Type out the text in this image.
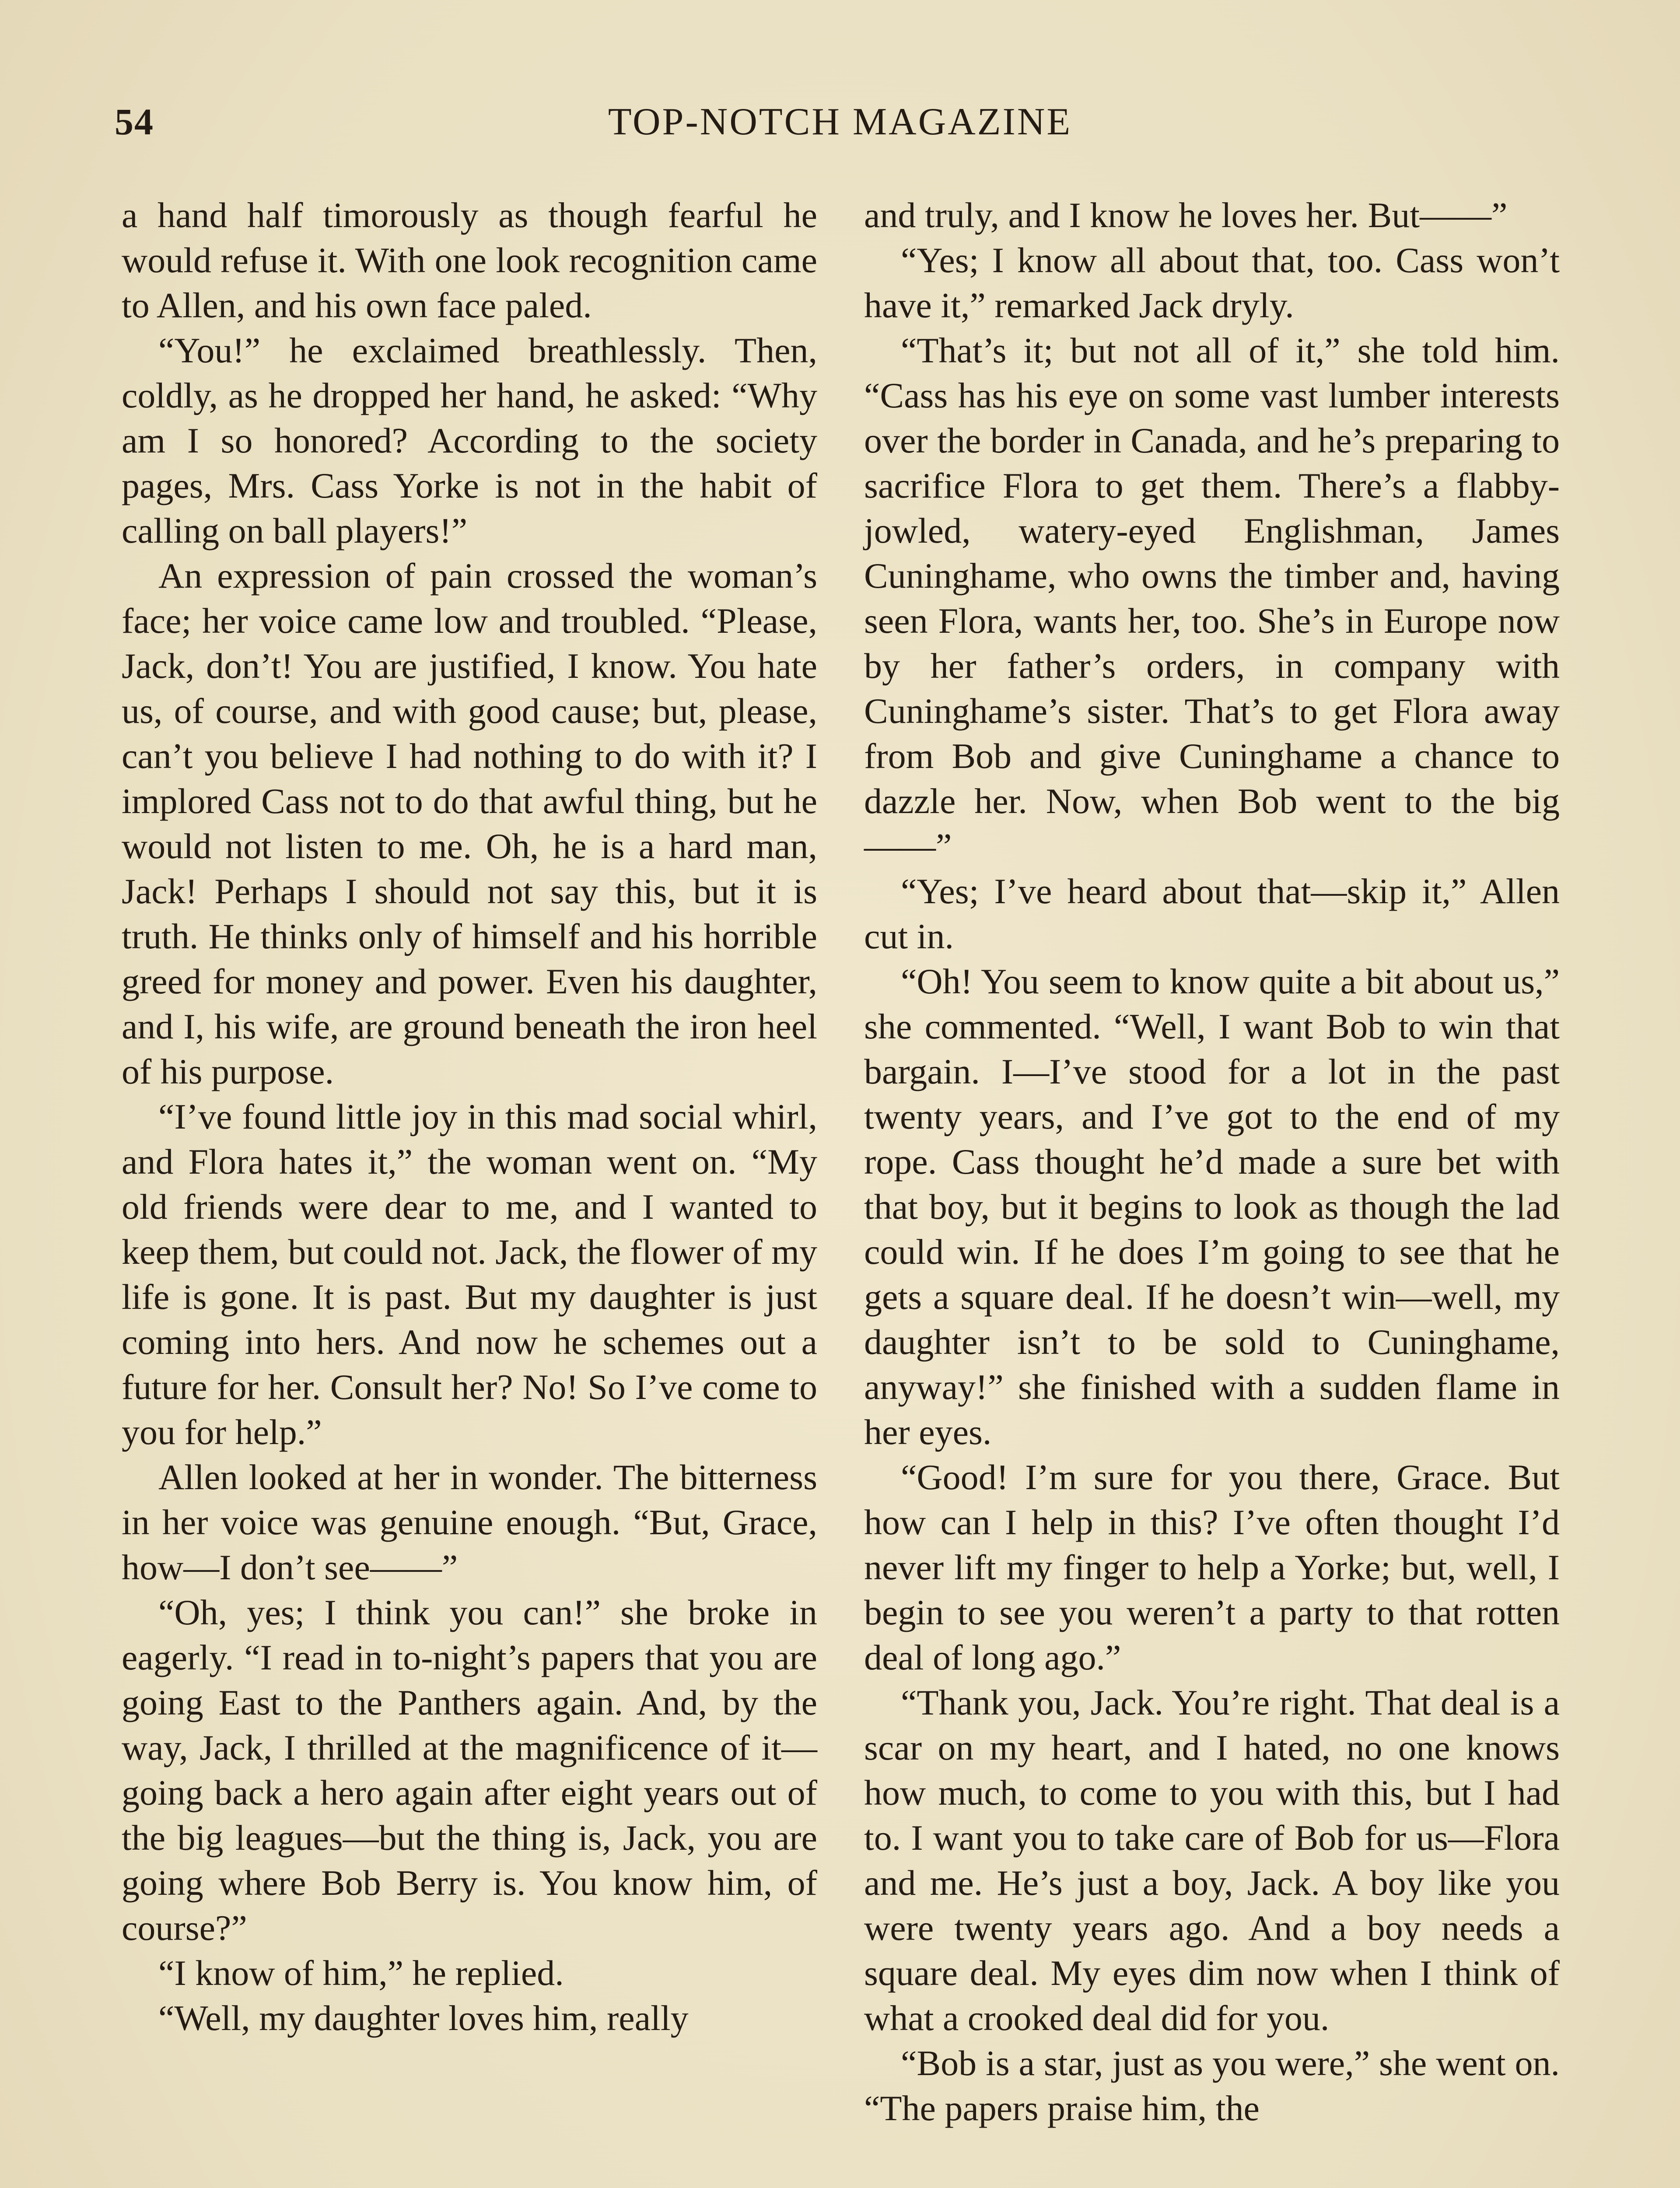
54	TOP-NOTCH MAGAZINE

a hand half timorously as though fearful he would refuse it. With one look recognition came to Allen, and his own face paled.

“You!” he exclaimed breathlessly. Then, coldly, as he dropped her hand, he asked: “Why am I so honored? According to the society pages, Mrs. Cass Yorke is not in the habit of calling on ball players!”

An expression of pain crossed the woman’s face; her voice came low and troubled. “Please, Jack, don’t! You are justified, I know. You hate us, of course, and with good cause; but, please, can’t you believe I had nothing to do with it? I implored Cass not to do that awful thing, but he would not listen to me. Oh, he is a hard man, Jack! Perhaps I should not say this, but it is truth. He thinks only of himself and his horrible greed for money and power. Even his daughter, and I, his wife, are ground beneath the iron heel of his purpose.

“I’ve found little joy in this mad social whirl, and Flora hates it,” the woman went on. “My old friends were dear to me, and I wanted to keep them, but could not. Jack, the flower of my life is gone. It is past. But my daughter is just coming into hers. And now he schemes out a future for her. Consult her? No! So I’ve come to you for help.”

Allen looked at her in wonder. The bitterness in her voice was genuine enough. “But, Grace, how—I don’t see——”

“Oh, yes; I think you can!” she broke in eagerly. “I read in to-night’s papers that you are going East to the Panthers again. And, by the way, Jack, I thrilled at the magnificence of it—going back a hero again after eight years out of the big leagues—but the thing is, Jack, you are going where Bob Berry is. You know him, of course?”

“I know of him,” he replied.

“Well, my daughter loves him, really

and truly, and I know he loves her. But——”

“Yes; I know all about that, too. Cass won’t have it,” remarked Jack dryly.

“That’s it; but not all of it,” she told him. “Cass has his eye on some vast lumber interests over the border in Canada, and he’s preparing to sacrifice Flora to get them. There’s a flabby-jowled, watery-eyed Englishman, James Cuninghame, who owns the timber and, having seen Flora, wants her, too. She’s in Europe now by her father’s orders, in company with Cuninghame’s sister. That’s to get Flora away from Bob and give Cuninghame a chance to dazzle her. Now, when Bob went to the big——”

“Yes; I’ve heard about that—skip it,” Allen cut in.

“Oh! You seem to know quite a bit about us,” she commented. “Well, I want Bob to win that bargain. I—I’ve stood for a lot in the past twenty years, and I’ve got to the end of my rope. Cass thought he’d made a sure bet with that boy, but it begins to look as though the lad could win. If he does I’m going to see that he gets a square deal. If he doesn’t win—well, my daughter isn’t to be sold to Cuninghame, anyway!” she finished with a sudden flame in her eyes.

“Good! I’m sure for you there, Grace. But how can I help in this? I’ve often thought I’d never lift my finger to help a Yorke; but, well, I begin to see you weren’t a party to that rotten deal of long ago.”

“Thank you, Jack. You’re right. That deal is a scar on my heart, and I hated, no one knows how much, to come to you with this, but I had to. I want you to take care of Bob for us—Flora and me. He’s just a boy, Jack. A boy like you were twenty years ago. And a boy needs a square deal. My eyes dim now when I think of what a crooked deal did for you.

“Bob is a star, just as you were,” she went on. “The papers praise him, the
